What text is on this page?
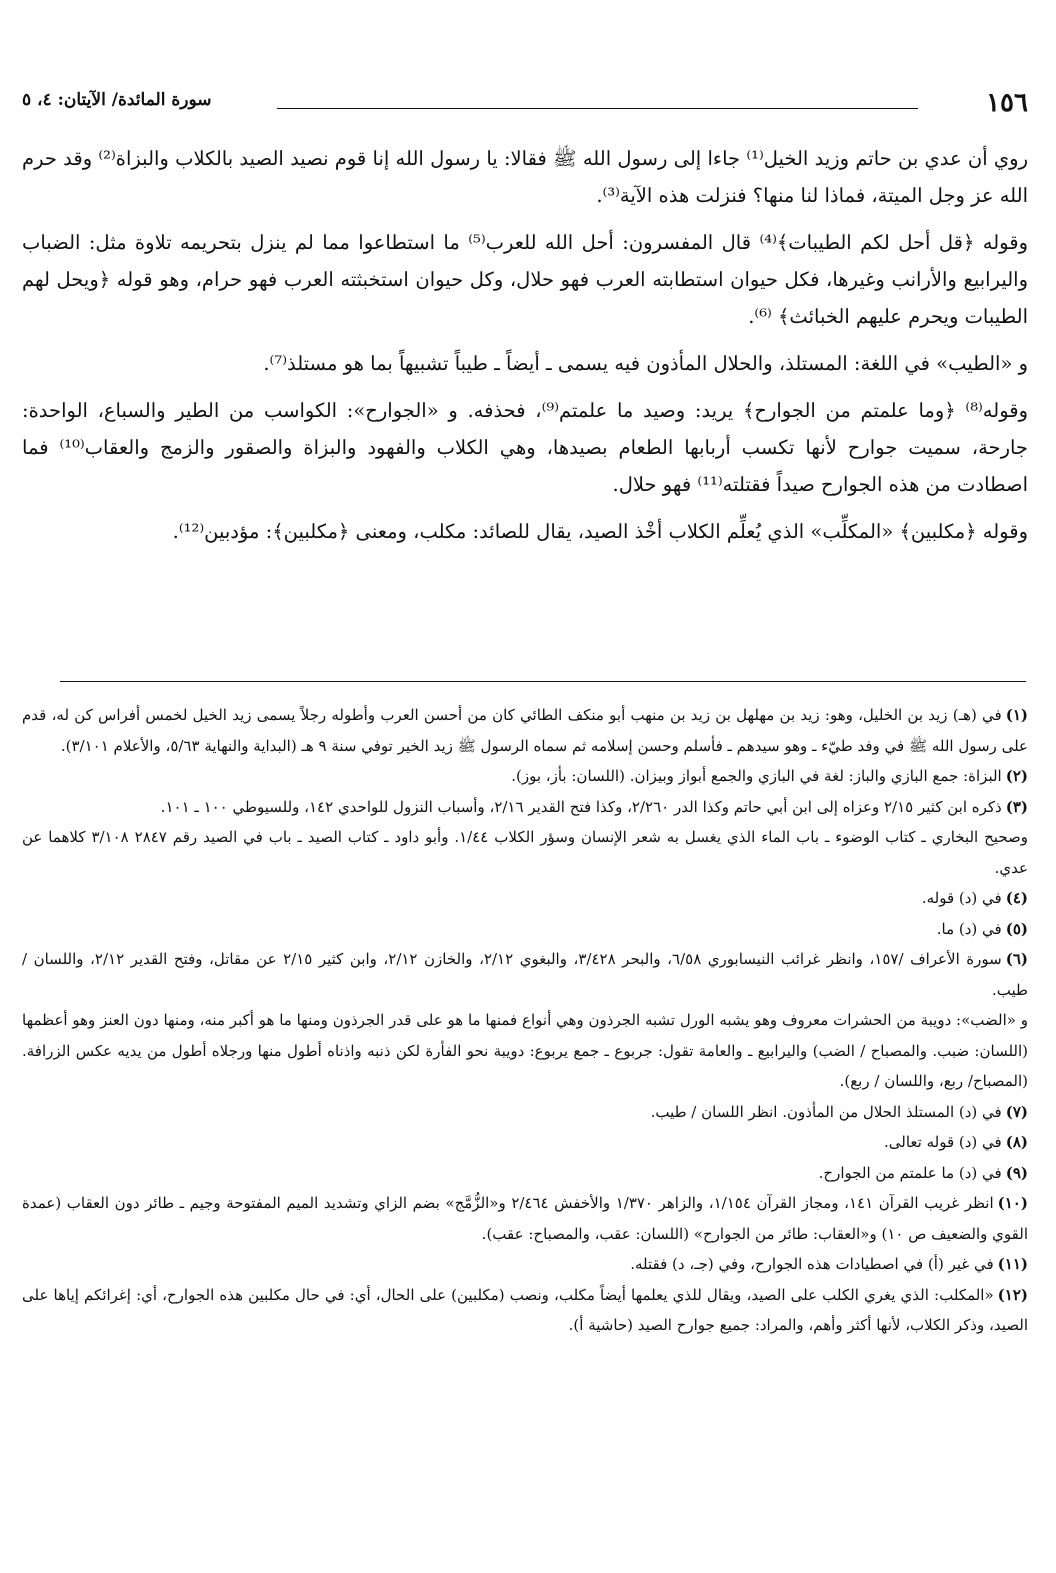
١٥٦
سورة المائدة/ الآيتان: ٤، ٥

روي أن عدي بن حاتم وزيد الخيل⁽¹⁾ جاءا إلى رسول الله ﷺ فقالا: يا رسول الله إنا قوم نصيد الصيد بالكلاب والبزاة⁽²⁾ وقد حرم الله عز وجل الميتة، فماذا لنا منها؟ فنزلت هذه الآية⁽³⁾.

وقوله ﴿قل أحل لكم الطيبات﴾⁽⁴⁾ قال المفسرون: أحل الله للعرب⁽⁵⁾ ما استطاعوا مما لم ينزل بتحريمه تلاوة مثل: الضباب واليرابيع والأرانب وغيرها، فكل حيوان استطابته العرب فهو حلال، وكل حيوان استخبثته العرب فهو حرام، وهو قوله ﴿ويحل لهم الطيبات ويحرم عليهم الخبائث﴾ ⁽⁶⁾.

و «الطيب» في اللغة: المستلذ، والحلال المأذون فيه يسمى ـ أيضاً ـ طيباً تشبيهاً بما هو مستلذ⁽⁷⁾.

وقوله⁽⁸⁾ ﴿وما علمتم من الجوارح﴾ يريد: وصيد ما علمتم⁽⁹⁾، فحذفه. و «الجوارح»: الكواسب من الطير والسباع، الواحدة: جارحة، سميت جوارح لأنها تكسب أربابها الطعام بصيدها، وهي الكلاب والفهود والبزاة والصقور والزمج والعقاب⁽¹⁰⁾ فما اصطادت من هذه الجوارح صيداً فقتلته⁽¹¹⁾ فهو حلال.

وقوله ﴿مكلبين﴾ «المكلِّب» الذي يُعلِّم الكلاب أخْذ الصيد، يقال للصائد: مكلب، ومعنى ﴿مكلبين﴾: مؤدبين⁽¹²⁾.

(١)في (هـ) زيد بن الخليل، وهو: زيد بن مهلهل بن زيد بن منهب أبو منكف الطائي كان من أحسن العرب وأطوله رجلاً يسمى زيد الخيل لخمس أفراس كن له، قدم على رسول الله ﷺ في وفد طيّء ـ وهو سيدهم ـ فأسلم وحسن إسلامه ثم سماه الرسول ﷺ زيد الخير توفي سنة ٩ هـ (البداية والنهاية ٥/٦٣، والأعلام ٣/١٠١).

(٢)البزاة: جمع البازي والباز: لغة في البازي والجمع أبواز وبيزان. (اللسان: بأز، بوز).

(٣)ذكره ابن كثير ٢/١٥ وعزاه إلى ابن أبي حاتم وكذا الدر ٢/٢٦٠، وكذا فتح القدير ٢/١٦، وأسباب النزول للواحدي ١٤٢، وللسيوطي ١٠٠ ـ ١٠١.

وصحيح البخاري ـ كتاب الوضوء ـ باب الماء الذي يغسل به شعر الإنسان وسؤر الكلاب ١/٤٤. وأبو داود ـ كتاب الصيد ـ باب في الصيد رقم ٢٨٤٧ ٣/١٠٨ كلاهما عن عدي.

(٤)في (د) قوله.

(٥)في (د) ما.

(٦)سورة الأعراف /١٥٧، وانظر غرائب النيسابوري ٦/٥٨، والبحر ٣/٤٢٨، والبغوي ٢/١٢، والخازن ٢/١٢، وابن كثير ٢/١٥ عن مقاتل، وفتح القدير ٢/١٢، واللسان / طيب.

و «الضب»: دويبة من الحشرات معروف وهو يشبه الورل تشبه الجرذون وهي أنواع فمنها ما هو على قدر الجرذون ومنها ما هو أكبر منه، ومنها دون العنز وهو أعظمها (اللسان: ضبب. والمصباح / الضب) واليرابيع ـ والعامة تقول: جربوع ـ جمع يربوع: دويبة نحو الفأرة لكن ذنبه واذناه أطول منها ورجلاه أطول من يديه عكس الزرافة. (المصباح/ ربع، واللسان / ربع).

(٧)في (د) المستلذ الحلال من المأذون. انظر اللسان / طيب.

(٨)في (د) قوله تعالى.

(٩)في (د) ما علمتم من الجوارح.

(١٠)انظر غريب القرآن ١٤١، ومجاز القرآن ١/١٥٤، والزاهر ١/٣٧٠ والأخفش ٢/٤٦٤ و«الزُّمَّج» بضم الزاي وتشديد الميم المفتوحة وجيم ـ طائر دون العقاب (عمدة القوي والضعيف ص ١٠) و«العقاب: طائر من الجوارح» (اللسان: عقب، والمصباح: عقب).

(١١)في غير (أ) في اصطيادات هذه الجوارح، وفي (جـ، د) فقتله.

(١٢)«المكلب: الذي يغري الكلب على الصيد، ويقال للذي يعلمها أيضاً مكلب، ونصب (مكلبين) على الحال، أي: في حال مكلبين هذه الجوارح، أي: إغرائكم إياها على الصيد، وذكر الكلاب، لأنها أكثر وأهم، والمراد: جميع جوارح الصيد (حاشية أ).
